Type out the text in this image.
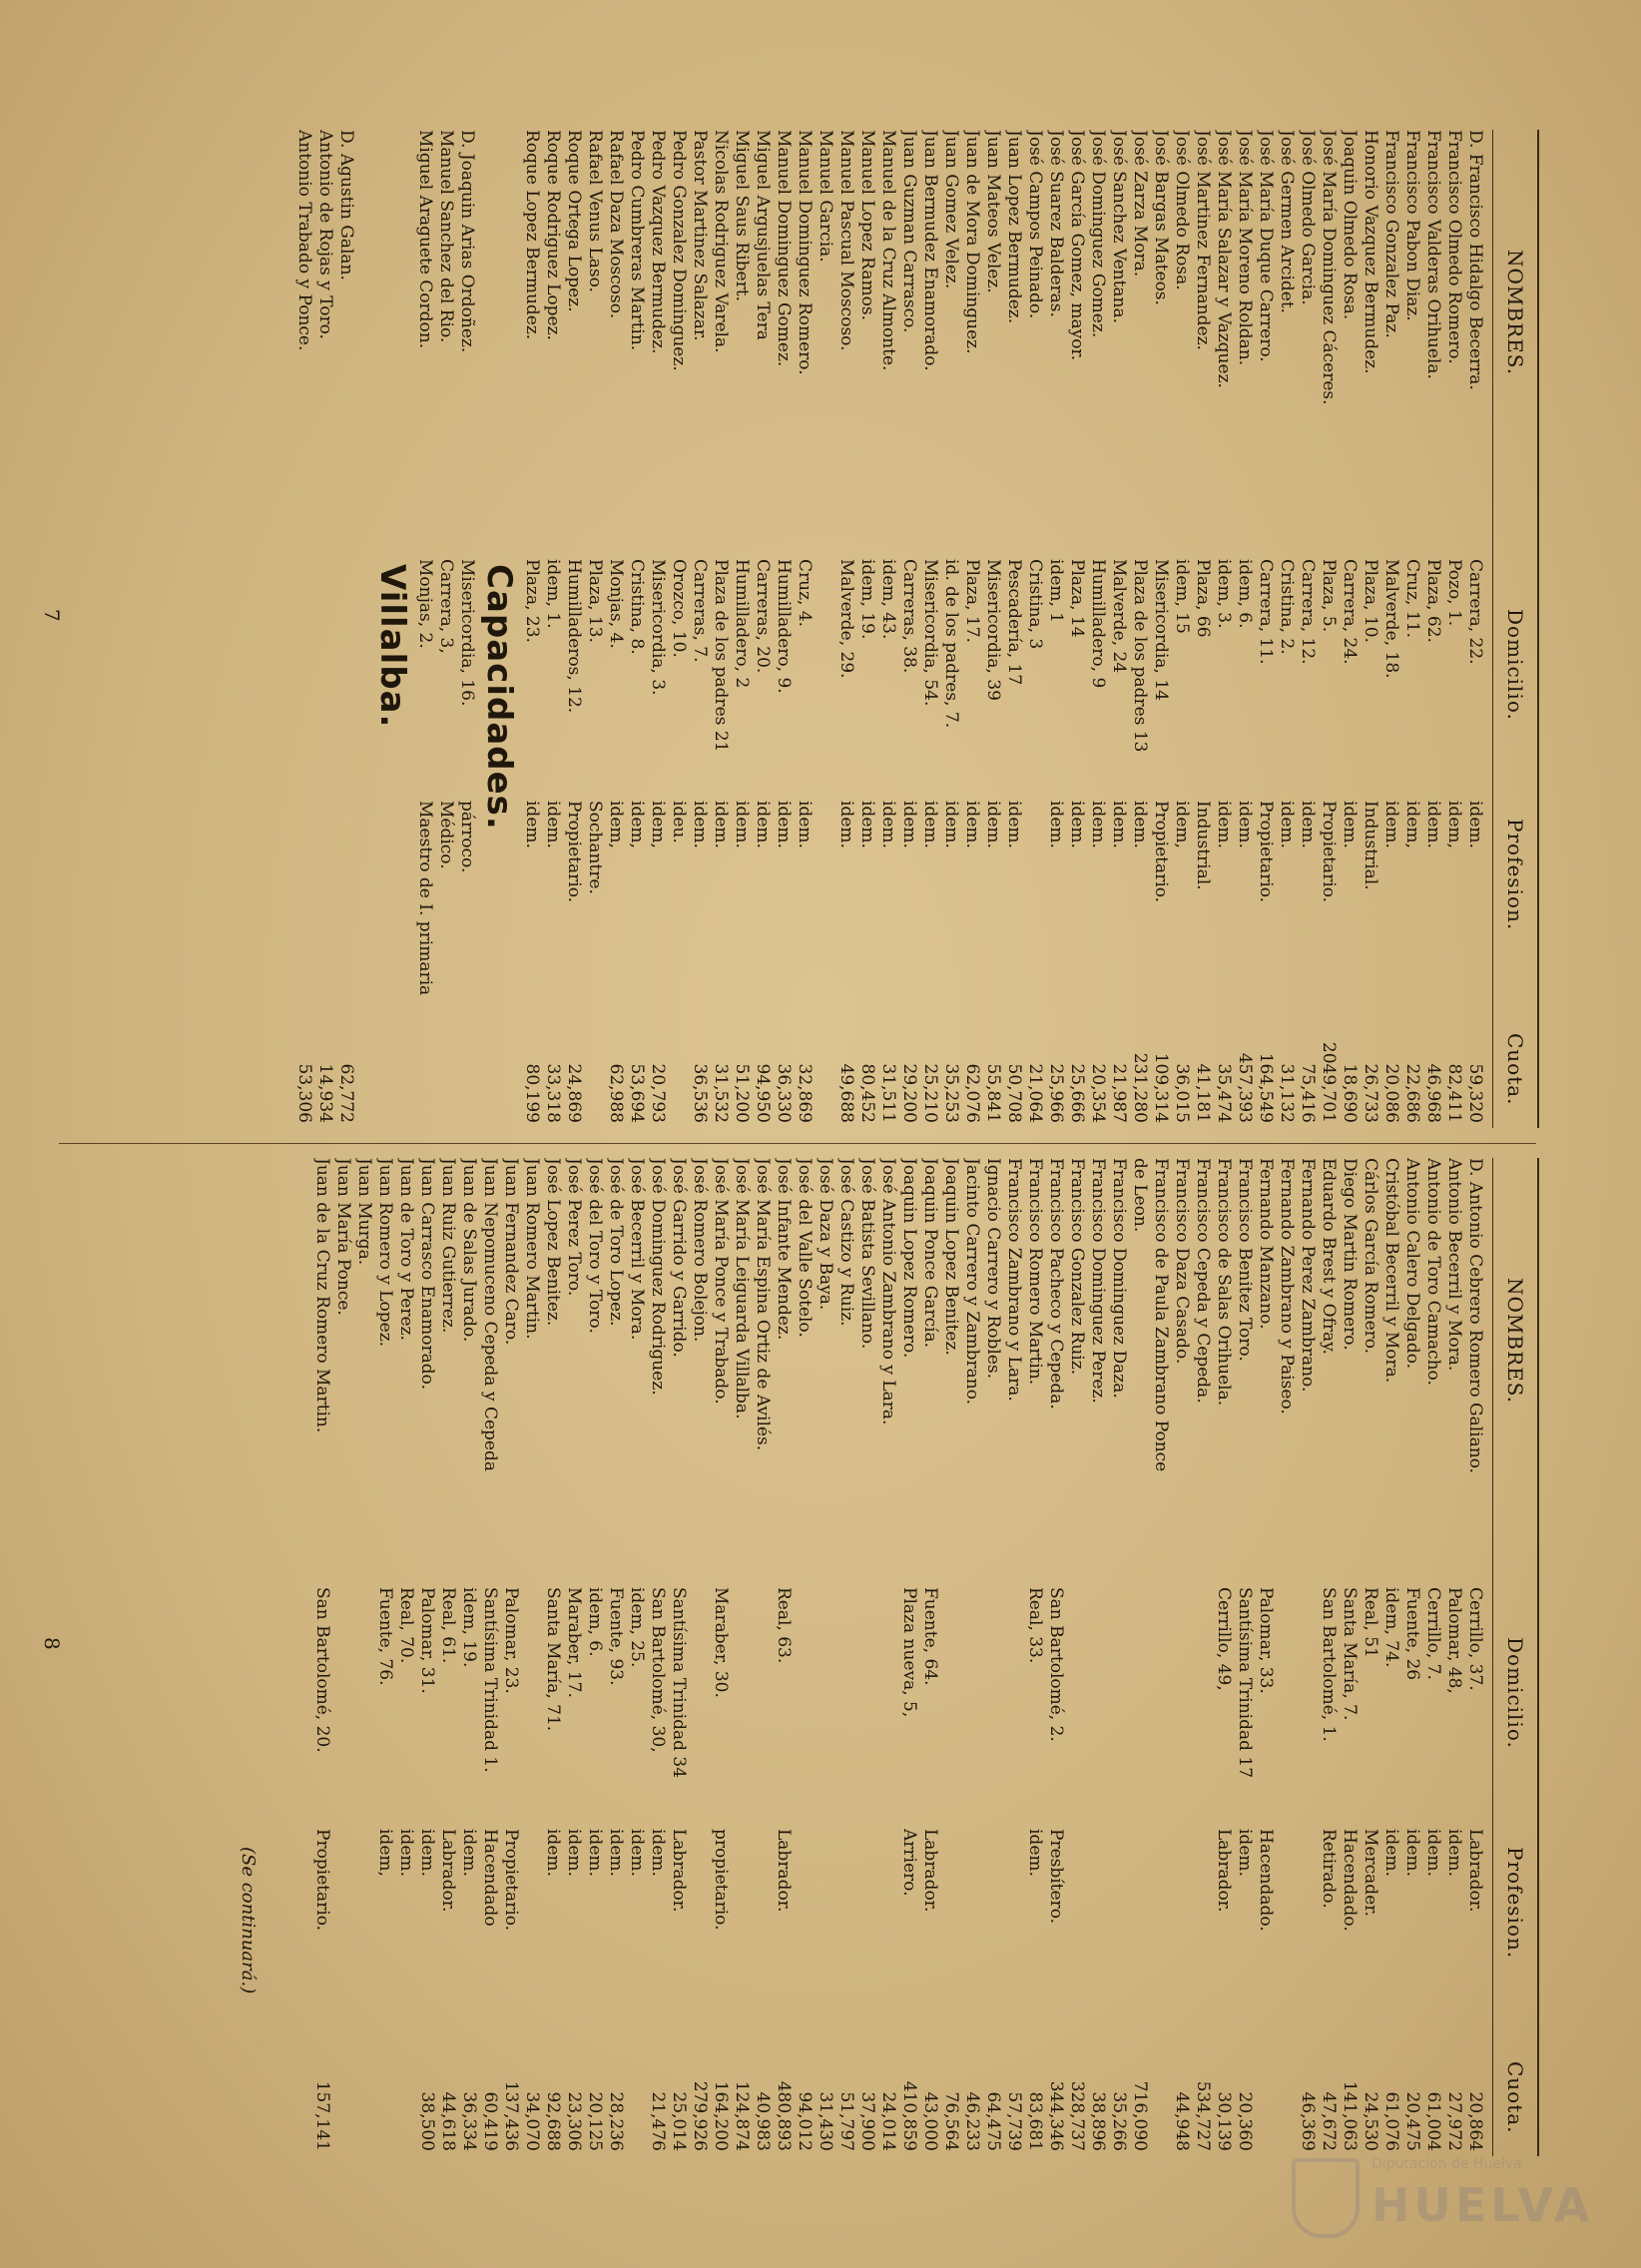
NOMBRES.
Domicilio.
Profesion.
Cuota.
D. Francisco Hidalgo Becerra.
Carrera, 22.
idem.
59,320
Francisco Olmedo Romero.
Pozo, 1.
idem,
82,411
Francisco Valderas Orihuela.
Plaza, 62.
idem.
46,968
Francisco Pabon Diaz.
Cruz, 11.
idem,
22,686
Francisco Gonzalez Paz.
Malverde, 18.
idem.
20,086
Honorio Vazquez Bermudez.
Plaza, 10.
Industrial.
26,733
Joaquin Olmedo Rosa.
Carrera, 24.
idem.
18,690
José María Dominguez Cáceres.
Plaza, 5.
Propietario.
2049,701
José Olmedo Garcia.
Carrera, 12.
idem.
75,416
José Germen Arcidet.
Cristina, 2.
idem.
31,132
José María Duque Carrero.
Carrera, 11.
Propietario.
164,549
José María Moreno Roldan.
idem, 6.
idem.
457,393
José María Salazar y Vazquez.
idem, 3.
idem.
35,474
José Martinez Fernandez.
Plaza, 66
Industrial.
41,181
José Olmedo Rosa.
idem, 15
idem,
36,015
José Bargas Mateos.
Misericordia, 14
Propietario.
109,314
José Zarza Mora.
Plaza de los padres 13
idem.
231,280
José Sanchez Ventana.
Malverde, 24
idem.
21,987
José Dominguez Gomez.
Humilladero, 9
idem.
20,354
José García Gomez, mayor.
Plaza, 14
idem.
25,666
José Suarez Balderas.
idem, 1
idem.
25,966
José Campos Peinado.
Cristina, 3
21,064
Juan Lopez Bermudez.
Pescadería, 17
idem.
50,708
Juan Mateos Velez.
Misericordia, 39
idem.
55,841
Juan de Mora Dominguez.
Plaza, 17.
idem.
62,076
Juan Gomez Velez.
id. de los padres, 7.
idem.
35,253
Juan Bermudez Enamorado.
Misericordia, 54.
idem.
25,210
Juan Guzman Carrasco.
Carreras, 38.
idem.
29,200
Manuel de la Cruz Almonte.
idem, 43.
idem.
31,511
Manuel Lopez Ramos.
idem, 19.
idem.
80,452
Manuel Pascual Moscoso.
Malverde, 29.
idem.
49,688
Manuel Garcia.
Manuel Dominguez Romero.
Cruz, 4.
idem.
32,869
Manuel Dominguez Gomez.
Humilladero, 9.
idem.
36,330
Miguel Argusjuelas Tera
Carreras, 20.
idem.
94,950
Miguel Saus Ribert.
Humilladero, 2
idem.
51,200
Nicolas Rodriguez Varela.
Plaza de los padres 21
idem.
31,532
Pastor Martinez Salazar.
Carreras, 7.
idem.
36,536
Pedro Gonzalez Dominguez.
Orozco, 10.
ideu.
Pedro Vazquez Bermudez.
Misericordia, 3.
idem,
20,793
Pedro Cumbreras Martin.
Cristina, 8.
idem,
53,694
Rafael Daza Moscoso.
Monjas, 4.
idem,
62,988
Rafael Venus Laso.
Plaza, 13.
Sochantre.
Roque Ortega Lopez.
Humilladeros, 12.
Propietario.
24,869
Roque Rodriguez Lopez.
idem, 1.
idem.
33,318
Roque Lopez Bermudez.
Plaza, 23.
idem.
80,199
Capacidades.
D. Joaquin Arias Ordoñez.
Misericordia, 16.
párroco.
Manuel Sanchez del Rio.
Carrera, 3,
Médico.
Miguel Araguete Cordon.
Monjas, 2.
Maestro de I. primaria
Villalba.
D. Agustin Galan.
62,772
Antonio de Rojas y Toro.
14,934
Antonio Trabado y Ponce.
53,306
7
NOMBRES.
Domicilio.
Profesion.
Cuota.
D. Antonio Cebrero Romero Galiano.
Cerrillo, 37.
Labrador.
20,864
Antonio Becerril y Mora.
Palomar, 48,
idem.
27,972
Antonio de Toro Camacho.
Cerrillo, 7.
idem.
61,004
Antonio Calero Delgado.
Fuente, 26
idem.
20,475
Cristóbal Becerril y Mora.
idem, 74.
idem.
61,076
Cárlos García Romero.
Real, 51
Mercader.
24,530
Diego Martin Romero.
Santa María, 7.
Hacendado.
141,063
Eduardo Brest y Ofray.
San Bartolomé, 1.
Retirado.
47,672
Fernando Perez Zambrano.
46,369
Fernando Zambrano y Paiseo.
Fernando Manzano.
Palomar, 33.
Hacendado.
Francisco Benitez Toro.
Santísima Trinidad 17
idem.
20,360
Francisco de Salas Orihuela.
Cerrillo, 49,
Labrador.
30,139
Francisco Cepeda y Cepeda.
534,727
Francisco Daza Casado.
44,948
Francisco de Paula Zambrano Ponce
de Leon.
716,090
Francisco Dominguez Daza.
35,266
Francisco Dominguez Perez.
38,896
Francisco Gonzalez Ruiz.
328,737
Francisco Pacheco y Cepeda.
San Bartolomé, 2.
Presbítero.
344,346
Francisco Romero Martin.
Real, 33.
idem.
83,681
Francisco Zambrano y Lara.
57,739
Ignacio Carrero y Robles.
64,475
Jacinto Carrero y Zambrano.
46,233
Joaquin Lopez Benitez.
76,564
Joaquin Ponce García.
Fuente, 64.
Labrador.
43,000
Joaquin Lopez Romero.
Plaza nueva, 5,
Arriero.
410,859
José Antonio Zambrano y Lara.
24,014
José Batista Sevillano.
37,900
José Castizo y Ruiz.
51,797
José Daza y Baya.
31,430
José del Valle Sotelo.
94,012
José Infante Mendez.
Real, 63.
Labrador.
480,893
José María Espina Ortiz de Avilés.
40,983
José María Leiguarda Villalba.
124,874
José María Ponce y Trabado.
Maraber, 30.
propietario.
164,200
José Romero Bolejon.
279,926
José Garrido y Garrido.
Santísima Trinidad 34
Labrador.
25,014
José Dominguez Rodriguez.
San Bartolomé, 30,
idem.
21,476
José Becerril y Mora.
idem, 25.
idem.
José de Toro Lopez.
Fuente, 93.
idem.
28,236
José del Toro y Toro.
idem, 6.
idem.
20,125
José Perez Toro.
Maraber, 17.
idem.
23,306
José Lopez Benitez.
Santa María, 71.
idem.
92,688
Juan Romero Martin.
34,070
Juan Fernandez Caro.
Palomar, 23.
Propietario.
137,436
Juan Nepomuceno Cepeda y Cepeda
Santísima Trinidad 1.
Hacendado
60,419
Juan de Salas Jurado.
idem, 19.
idem.
36,334
Juan Ruiz Gutierrez.
Real, 61.
Labrador.
44,618
Juan Carrasco Enamorado.
Palomar, 31.
idem.
38,500
Juan de Toro y Perez.
Real, 70.
idem.
Juan Romero y Lopez.
Fuente, 76.
idem,
Juan Murga.
Juan María Ponce.
Juan de la Cruz Romero Martin.
San Bartolomé, 20.
Propietario.
157,141
8
(Se continuará.)
Diputación de Huelva
HUELVA
